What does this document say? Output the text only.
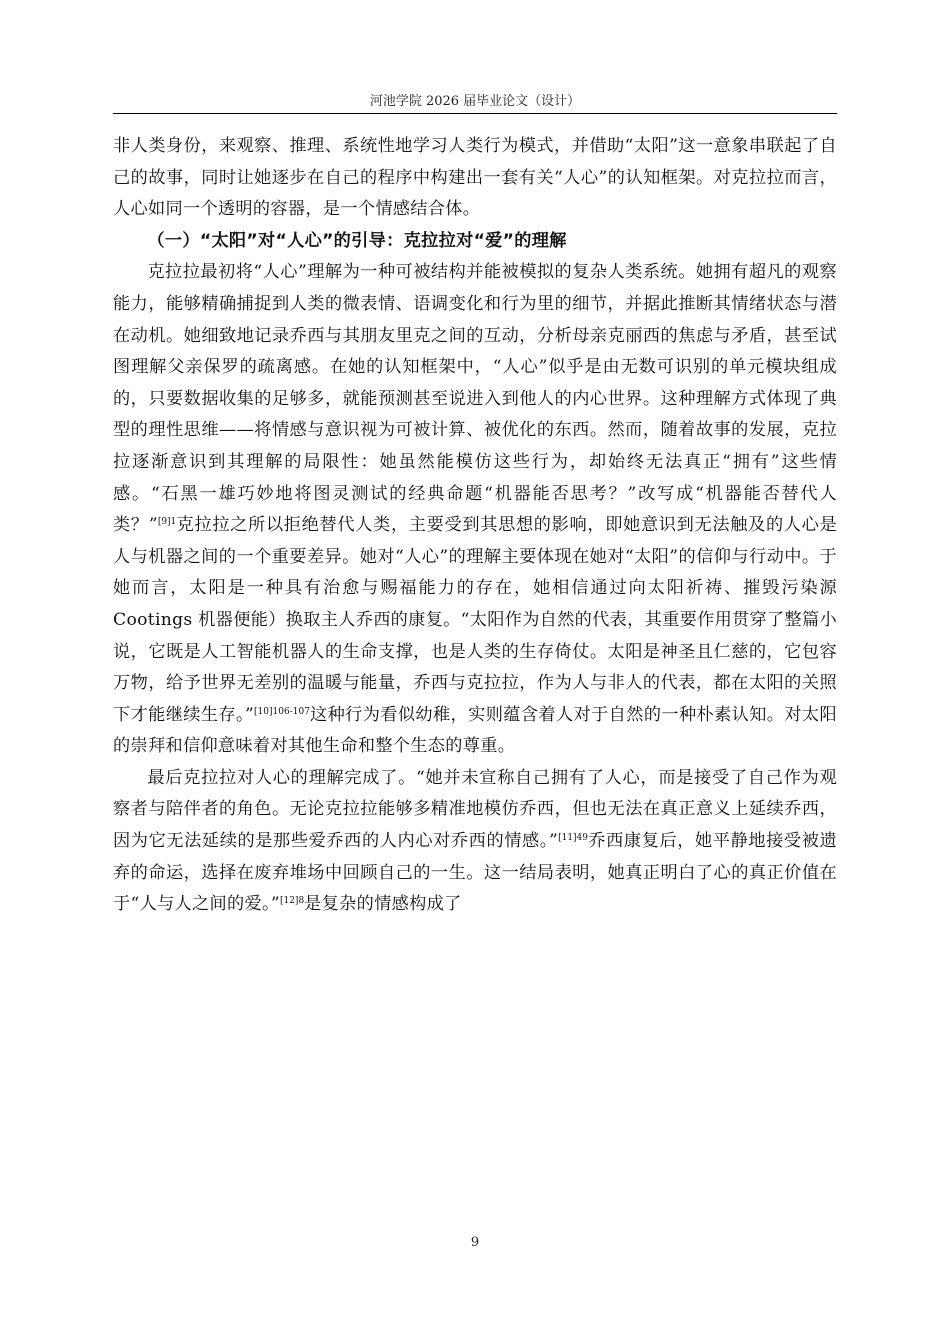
河池学院 2026 届毕业论文（设计）

非人类身份，来观察、推理、系统性地学习人类行为模式，并借助“太阳”这一意象串联起了自己的故事，同时让她逐步在自己的程序中构建出一套有关“人心”的认知框架。对克拉拉而言，人心如同一个透明的容器，是一个情感结合体。

（一）“太阳”对“人心”的引导：克拉拉对“爱”的理解

克拉拉最初将“人心”理解为一种可被结构并能被模拟的复杂人类系统。她拥有超凡的观察能力，能够精确捕捉到人类的微表情、语调变化和行为里的细节，并据此推断其情绪状态与潜在动机。她细致地记录乔西与其朋友里克之间的互动，分析母亲克丽西的焦虑与矛盾，甚至试图理解父亲保罗的疏离感。在她的认知框架中，“人心”似乎是由无数可识别的单元模块组成的，只要数据收集的足够多，就能预测甚至说进入到他人的内心世界。这种理解方式体现了典型的理性思维——将情感与意识视为可被计算、被优化的东西。然而，随着故事的发展，克拉拉逐渐意识到其理解的局限性：她虽然能模仿这些行为，却始终无法真正“拥有”这些情感。“石黑一雄巧妙地将图灵测试的经典命题“机器能否思考？”改写成“机器能否替代人类？”$^{[9]1}$克拉拉之所以拒绝替代人类，主要受到其思想的影响，即她意识到无法触及的人心是人与机器之间的一个重要差异。她对“人心”的理解主要体现在她对“太阳”的信仰与行动中。于她而言，太阳是一种具有治愈与赐福能力的存在，她相信通过向太阳祈祷、摧毁污染源 Cootings 机器便能）换取主人乔西的康复。“太阳作为自然的代表，其重要作用贯穿了整篇小说，它既是人工智能机器人的生命支撑，也是人类的生存倚仗。太阳是神圣且仁慈的，它包容万物，给予世界无差别的温暖与能量，乔西与克拉拉，作为人与非人的代表，都在太阳的关照下才能继续生存。”$^{[10]106-107}$这种行为看似幼稚，实则蕴含着人对于自然的一种朴素认知。对太阳的崇拜和信仰意味着对其他生命和整个生态的尊重。

最后克拉拉对人心的理解完成了。“她并未宣称自己拥有了人心，而是接受了自己作为观察者与陪伴者的角色。无论克拉拉能够多精准地模仿乔西，但也无法在真正意义上延续乔西，因为它无法延续的是那些爱乔西的人内心对乔西的情感。”$^{[11]49}$乔西康复后，她平静地接受被遗弃的命运，选择在废弃堆场中回顾自己的一生。这一结局表明，她真正明白了心的真正价值在于“人与人之间的爱。”$^{[12]8}$是复杂的情感构成了

9
